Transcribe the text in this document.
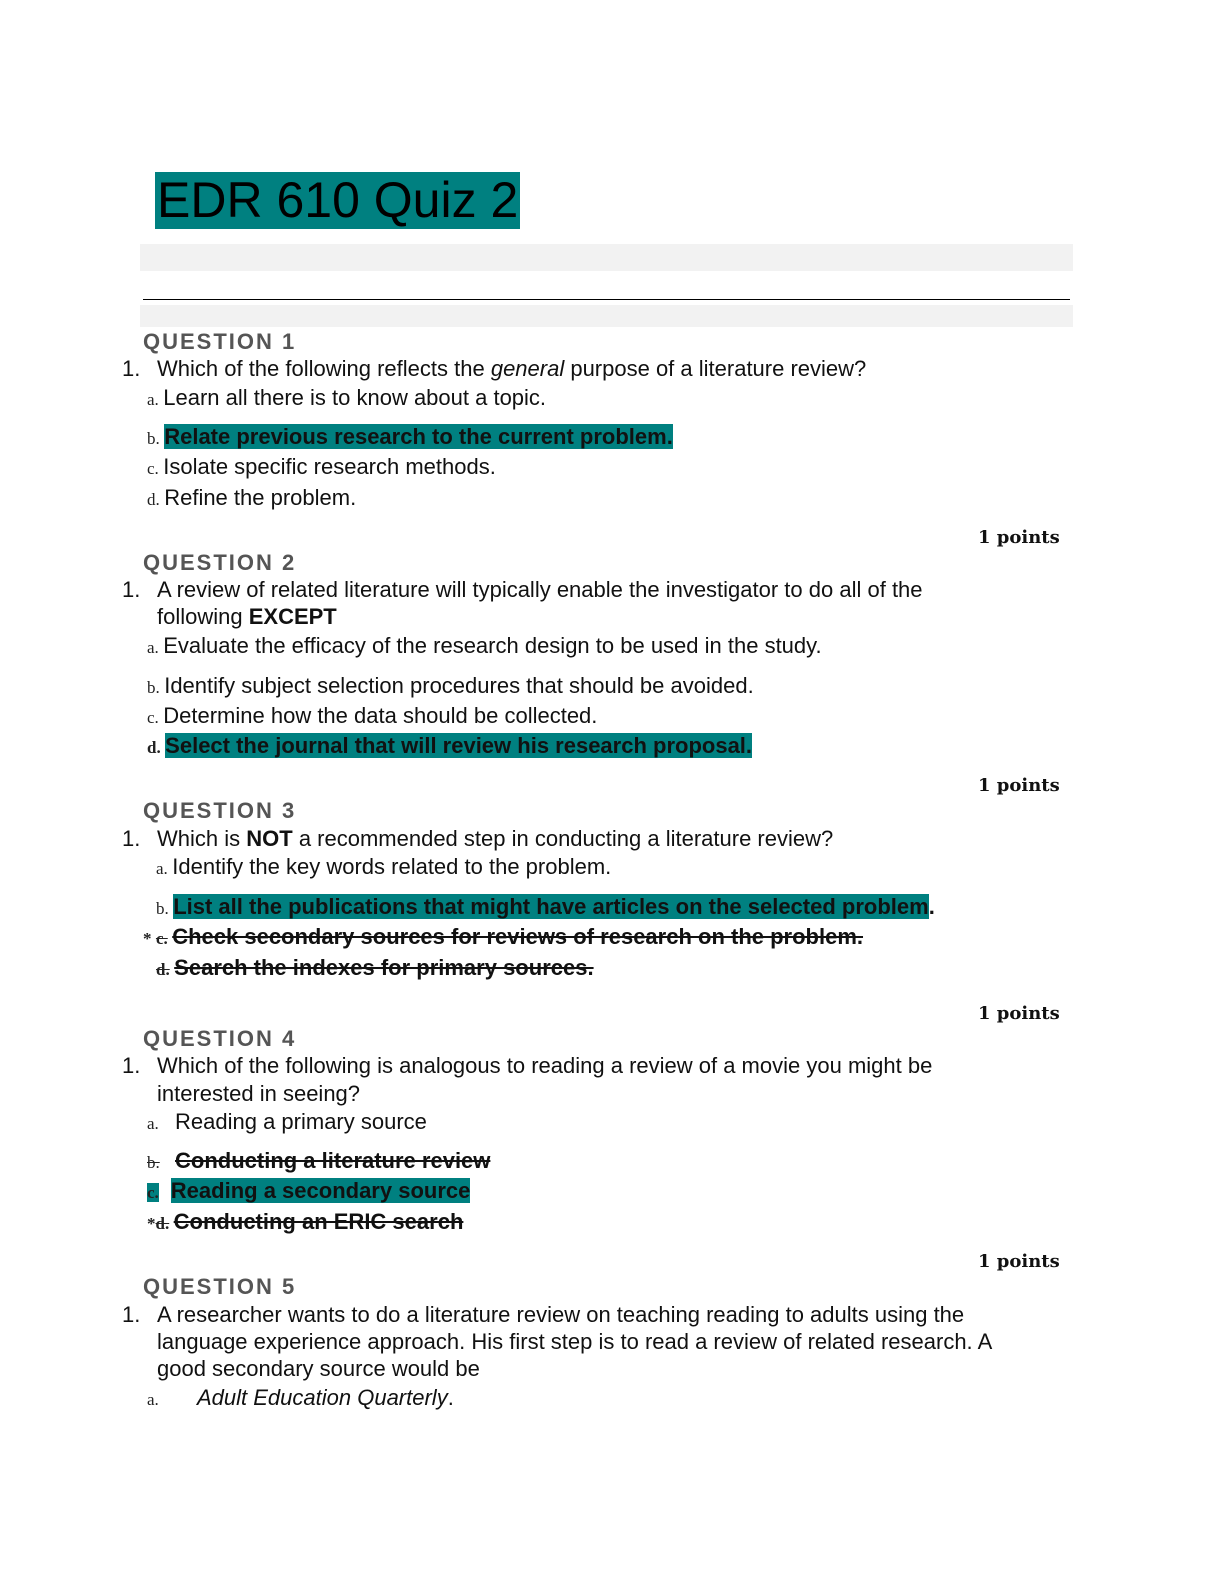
EDR 610 Quiz 2
QUESTION 1
1. Which of the following reflects the general purpose of a literature review?
a. Learn all there is to know about a topic.
b. Relate previous research to the current problem.
c. Isolate specific research methods.
d. Refine the problem.
1 points
QUESTION 2
1. A review of related literature will typically enable the investigator to do all of the
following EXCEPT
a. Evaluate the efficacy of the research design to be used in the study.
b. Identify subject selection procedures that should be avoided.
c. Determine how the data should be collected.
d. Select the journal that will review his research proposal.
1 points
QUESTION 3
1. Which is NOT a recommended step in conducting a literature review?
a. Identify the key words related to the problem.
b. List all the publications that might have articles on the selected problem.
* c. Check secondary sources for reviews of research on the problem.
d. Search the indexes for primary sources.
1 points
QUESTION 4
1. Which of the following is analogous to reading a review of a movie you might be
interested in seeing?
a. Reading a primary source
b. Conducting a literature review
c. Reading a secondary source
*d. Conducting an ERIC search
1 points
QUESTION 5
1. A researcher wants to do a literature review on teaching reading to adults using the
language experience approach. His first step is to read a review of related research. A
good secondary source would be
a. Adult Education Quarterly.
